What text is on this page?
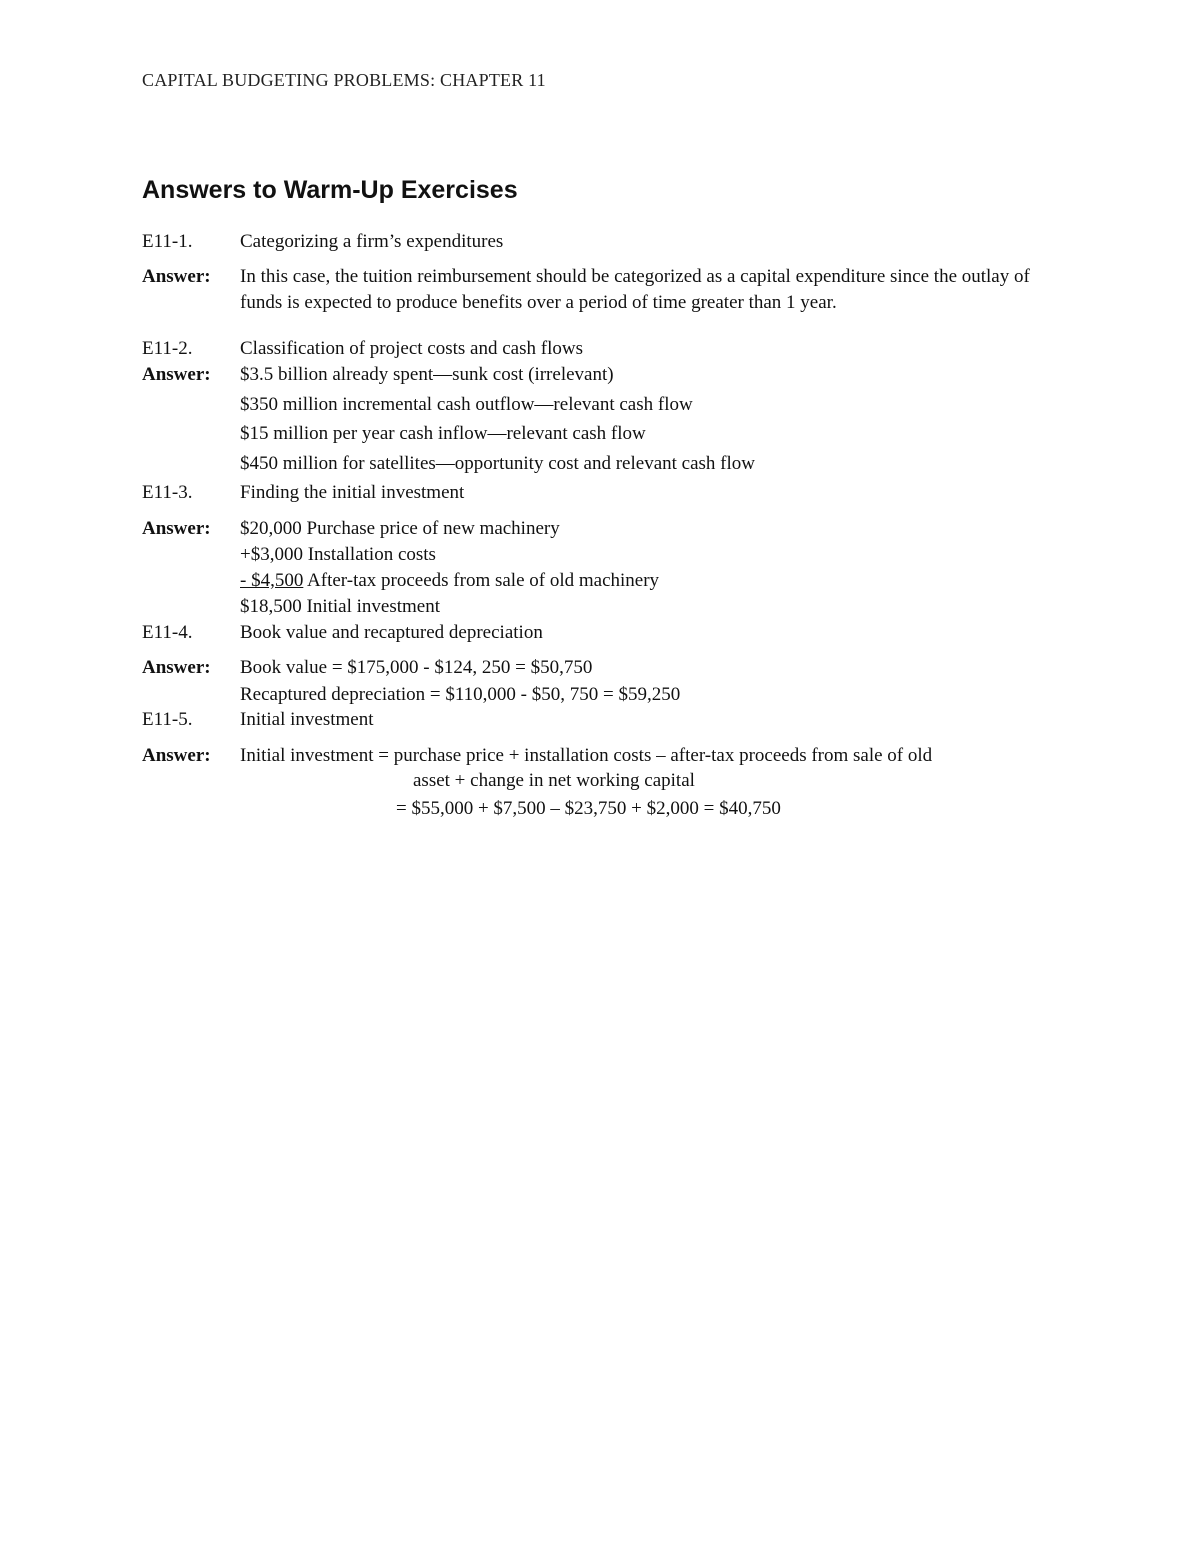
CAPITAL BUDGETING PROBLEMS: CHAPTER 11
Answers to Warm-Up Exercises
E11-1.	Categorizing a firm’s expenditures
Answer: In this case, the tuition reimbursement should be categorized as a capital expenditure since the outlay of funds is expected to produce benefits over a period of time greater than 1 year.
E11-2.	Classification of project costs and cash flows
Answer: $3.5 billion already spent—sunk cost (irrelevant)
$350 million incremental cash outflow—relevant cash flow
$15 million per year cash inflow—relevant cash flow
$450 million for satellites—opportunity cost and relevant cash flow
E11-3.	Finding the initial investment
Answer: $20,000 Purchase price of new machinery
+$3,000 Installation costs
- $4,500 After-tax proceeds from sale of old machinery
$18,500 Initial investment
E11-4.	Book value and recaptured depreciation
Answer: Book value = $175,000 - $124, 250 = $50,750
Recaptured depreciation = $110,000 - $50, 750 = $59,250
E11-5.	Initial investment
Answer: Initial investment = purchase price + installation costs – after-tax proceeds from sale of old
asset + change in net working capital
= $55,000 + $7,500 – $23,750 + $2,000 = $40,750
